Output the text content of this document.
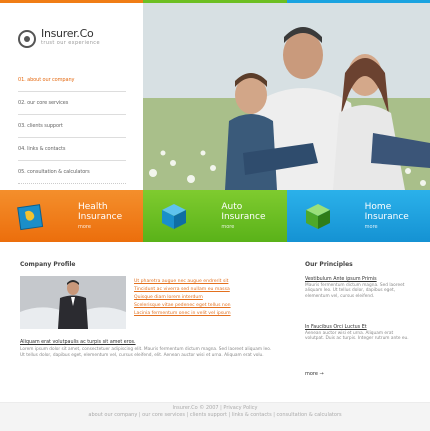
Insurer.Co
trust our experience
01. about our company
02. our core services
03. clients support
04. links & contacts
05. consultation & calculators
Health
Insurance
more
Auto
Insurance
more
Home
Insurance
more
Company Profile
Ut pharetra augue nec augue endrerit sit
Tincidunt ac viverra sed nullam eu massa
Quisque diam lorem interdum
Scelerisque vitae pedenec eget tellus non
Lacinia fermentum onec in velit vel ipsum
Aliquam erat volutpaulis ac turpis sit amet eros.
Lorem ipsum dolor sit amet, consectetuer adipiscing elit. Mauris fermentum dictum magna. Sed laoreet aliquam leo. Ut tellus dolor, dapibus eget, elementum vel, cursus eleifend, elit. Aenean auctor wisi et urna. Aliquam erat volu.
Our Principles
Vestibulum Ante ipsum Primis
Mauris fermentum dictum magna. Sed laoreet aliquam leo. Ut tellus dolor, dapibus eget, elementum vel, cursus eleifend.
In Faucibus Orci Luctus Et
Aenean auctor wisi et urna. Aliquam erat volutpat. Duis ac turpis. Integer rutrum ante eu.
more →
Insurer.Co © 2007 | Privacy Policy
about our company | our core services | clients support | links & contacts | consultation & calculators
